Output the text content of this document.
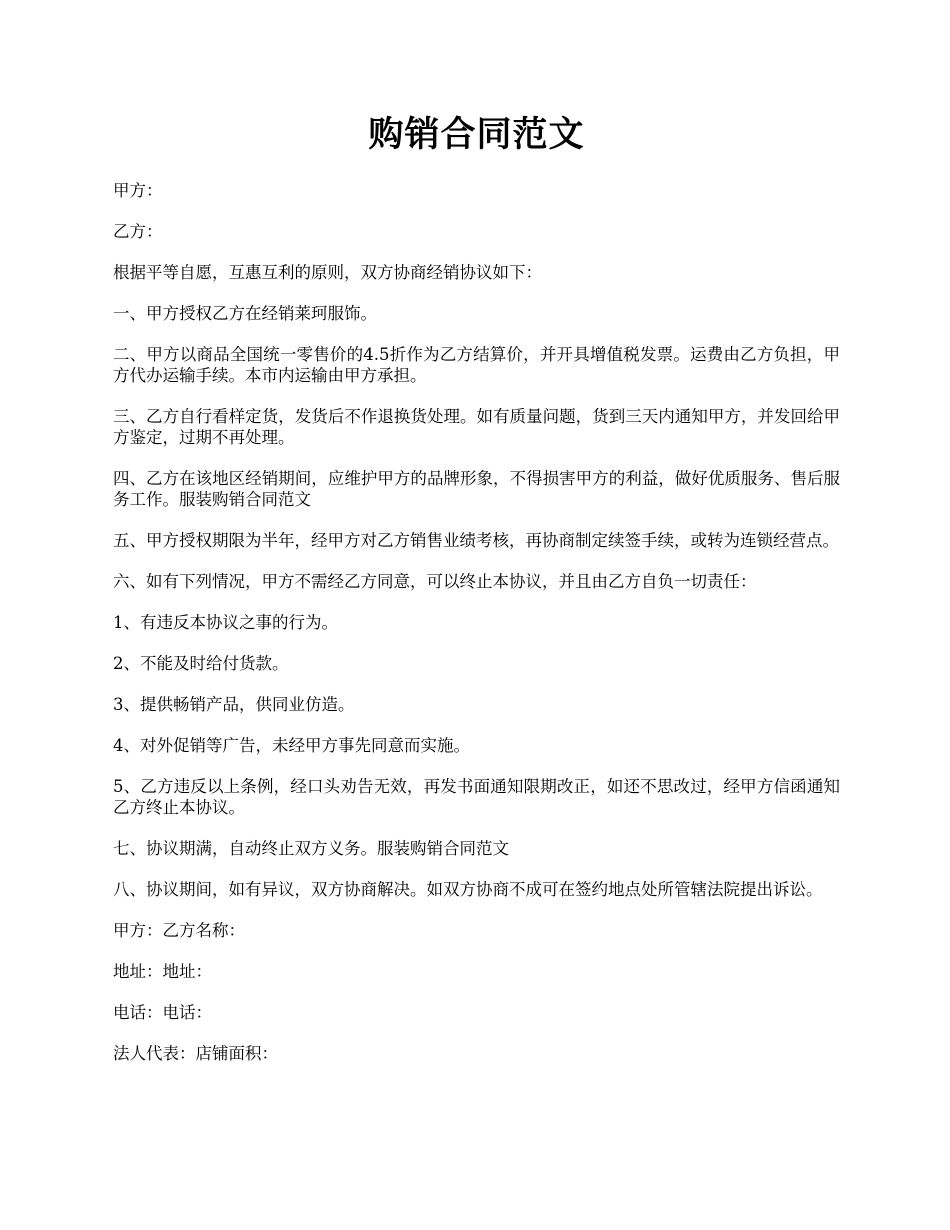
购销合同范文

甲方：

乙方：

根据平等自愿，互惠互利的原则，双方协商经销协议如下：

一、甲方授权乙方在经销莱珂服饰。

二、甲方以商品全国统一零售价的4.5折作为乙方结算价，并开具增值税发票。运费由乙方负担，甲方代办运输手续。本市内运输由甲方承担。

三、乙方自行看样定货，发货后不作退换货处理。如有质量问题，货到三天内通知甲方，并发回给甲方鉴定，过期不再处理。

四、乙方在该地区经销期间，应维护甲方的品牌形象，不得损害甲方的利益，做好优质服务、售后服务工作。服装购销合同范文

五、甲方授权期限为半年，经甲方对乙方销售业绩考核，再协商制定续签手续，或转为连锁经营点。

六、如有下列情况，甲方不需经乙方同意，可以终止本协议，并且由乙方自负一切责任：

1、有违反本协议之事的行为。

2、不能及时给付货款。

3、提供畅销产品，供同业仿造。

4、对外促销等广告，未经甲方事先同意而实施。

5、乙方违反以上条例，经口头劝告无效，再发书面通知限期改正，如还不思改过，经甲方信函通知乙方终止本协议。

七、协议期满，自动终止双方义务。服装购销合同范文

八、协议期间，如有异议，双方协商解决。如双方协商不成可在签约地点处所管辖法院提出诉讼。

甲方：乙方名称：

地址：地址：

电话：电话：

法人代表：店铺面积：
